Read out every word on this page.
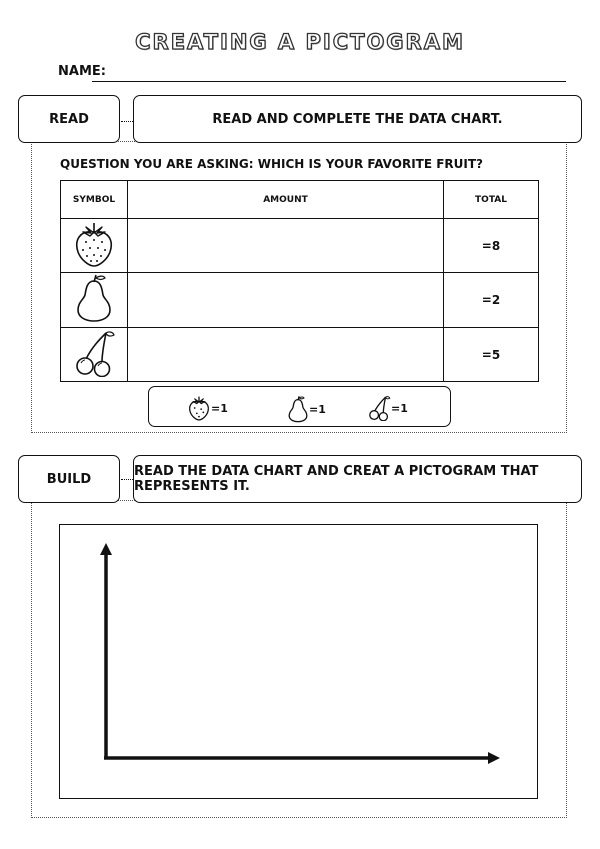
CREATING A PICTOGRAM
NAME:
READ	READ AND COMPLETE THE DATA CHART.
QUESTION YOU ARE ASKING: WHICH IS YOUR FAVORITE FRUIT?
SYMBOL	AMOUNT	TOTAL
		=8
		=2
		=5
=1	=1	=1
BUILD	READ THE DATA CHART AND CREAT A PICTOGRAM THAT REPRESENTS IT.
